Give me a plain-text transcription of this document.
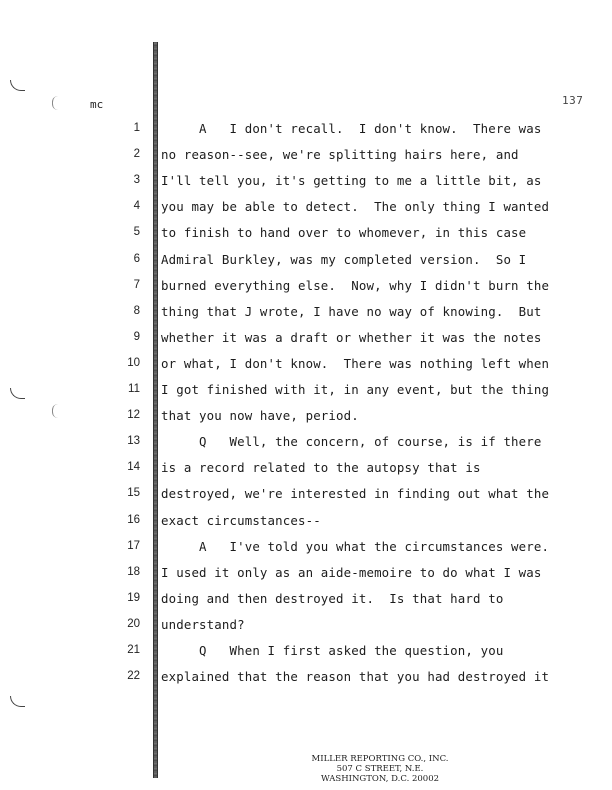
mc	137
1 A   I don't recall.  I don't know.  There was
2 no reason--see, we're splitting hairs here, and
3 I'll tell you, it's getting to me a little bit, as
4 you may be able to detect.  The only thing I wanted
5 to finish to hand over to whomever, in this case
6 Admiral Burkley, was my completed version.  So I
7 burned everything else.  Now, why I didn't burn the
8 thing that J wrote, I have no way of knowing.  But
9 whether it was a draft or whether it was the notes
10 or what, I don't know.  There was nothing left when
11 I got finished with it, in any event, but the thing
12 that you now have, period.
13 Q   Well, the concern, of course, is if there
14 is a record related to the autopsy that is
15 destroyed, we're interested in finding out what the
16 exact circumstances--
17 A   I've told you what the circumstances were.
18 I used it only as an aide-memoire to do what I was
19 doing and then destroyed it.  Is that hard to
20 understand?
21 Q   When I first asked the question, you
22 explained that the reason that you had destroyed it
MILLER REPORTING CO., INC.
507 C STREET, N.E.
WASHINGTON, D.C. 20002
